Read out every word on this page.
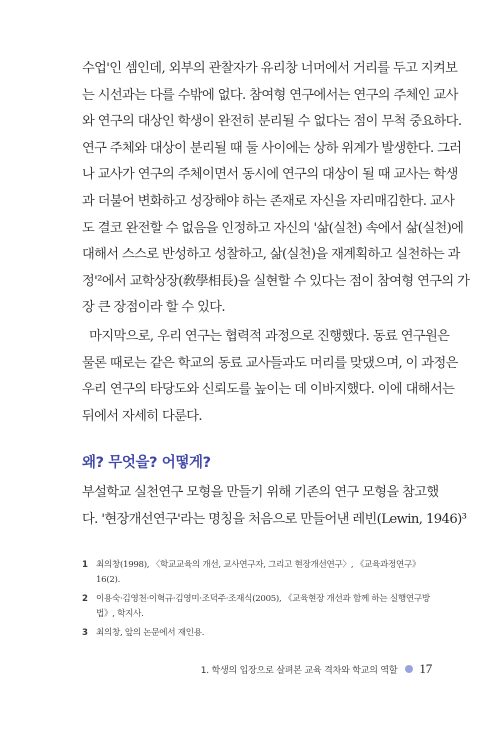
수업'인 셈인데, 외부의 관찰자가 유리창 너머에서 거리를 두고 지켜보
는 시선과는 다를 수밖에 없다. 참여형 연구에서는 연구의 주체인 교사
와 연구의 대상인 학생이 완전히 분리될 수 없다는 점이 무척 중요하다.
연구 주체와 대상이 분리될 때 둘 사이에는 상하 위계가 발생한다. 그러
나 교사가 연구의 주체이면서 동시에 연구의 대상이 될 때 교사는 학생
과 더불어 변화하고 성장해야 하는 존재로 자신을 자리매김한다. 교사
도 결코 완전할 수 없음을 인정하고 자신의 '삶(실천) 속에서 삶(실천)에
대해서 스스로 반성하고 성찰하고, 삶(실천)을 재계획하고 실천하는 과
정'²에서 교학상장(敎學相長)을 실현할 수 있다는 점이 참여형 연구의 가
장 큰 장점이라 할 수 있다.
마지막으로, 우리 연구는 협력적 과정으로 진행했다. 동료 연구원은
물론 때로는 같은 학교의 동료 교사들과도 머리를 맞댔으며, 이 과정은
우리 연구의 타당도와 신뢰도를 높이는 데 이바지했다. 이에 대해서는
뒤에서 자세히 다룬다.
왜? 무엇을? 어떻게?
부설학교 실천연구 모형을 만들기 위해 기존의 연구 모형을 참고했
다. '현장개선연구'라는 명칭을 처음으로 만들어낸 레빈(Lewin, 1946)³
1 최의창(1998), 〈학교교육의 개선, 교사연구자, 그리고 현장개선연구〉, 《교육과정연구》 16(2).
2 이용숙·김영천·이혁규·김영미·조덕주·조재식(2005), 《교육현장 개선과 함께 하는 실행연구방법》, 학지사.
3 최의창, 앞의 논문에서 재인용.
1. 학생의 입장으로 살펴본 교육 격차와 학교의 역할 17
